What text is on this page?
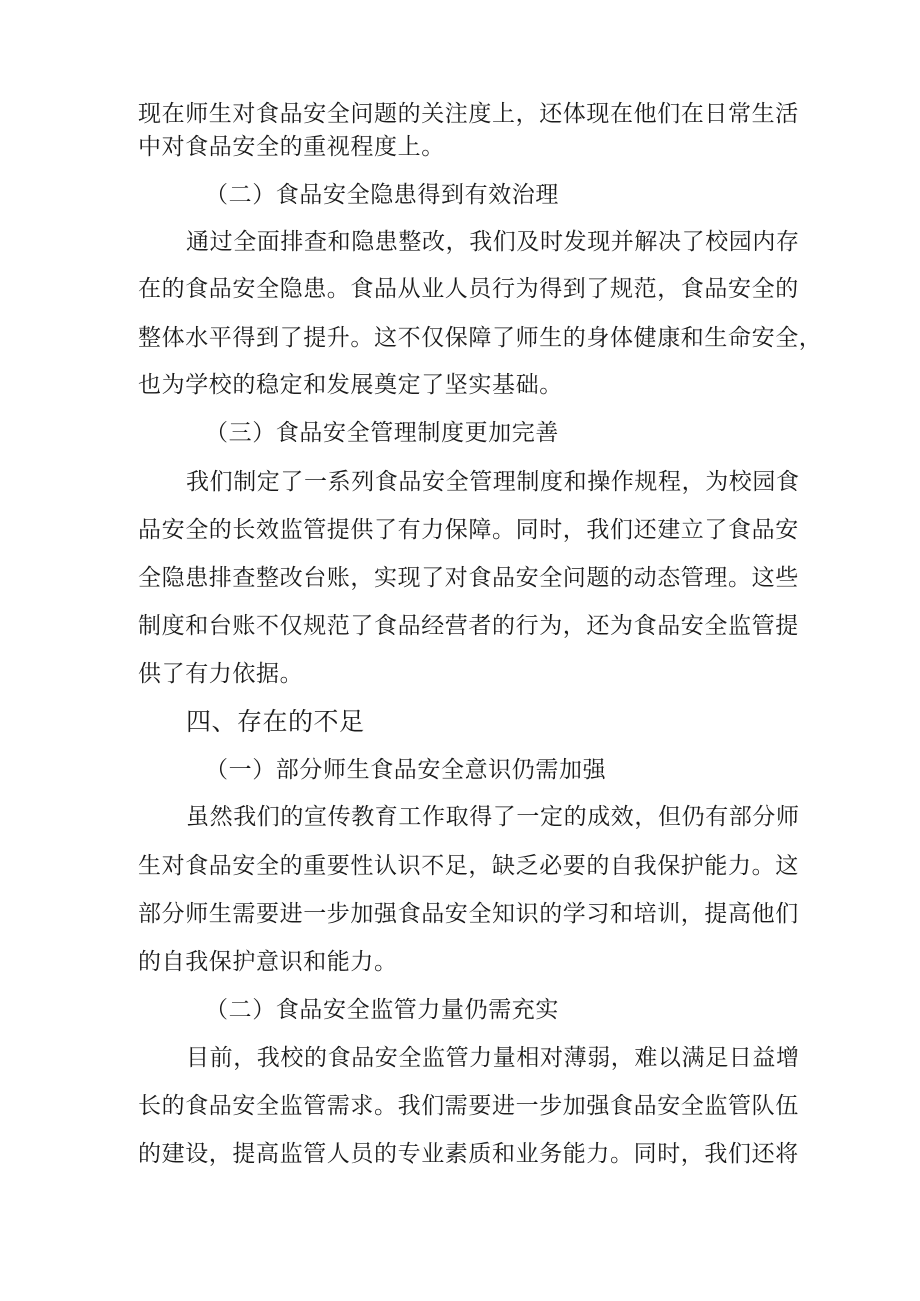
现在师生对食品安全问题的关注度上，还体现在他们在日常生活
中对食品安全的重视程度上。
（二）食品安全隐患得到有效治理
通过全面排查和隐患整改，我们及时发现并解决了校园内存
在的食品安全隐患。食品从业人员行为得到了规范，食品安全的
整体水平得到了提升。这不仅保障了师生的身体健康和生命安全，
也为学校的稳定和发展奠定了坚实基础。
（三）食品安全管理制度更加完善
我们制定了一系列食品安全管理制度和操作规程，为校园食
品安全的长效监管提供了有力保障。同时，我们还建立了食品安
全隐患排查整改台账，实现了对食品安全问题的动态管理。这些
制度和台账不仅规范了食品经营者的行为，还为食品安全监管提
供了有力依据。
四、存在的不足
（一）部分师生食品安全意识仍需加强
虽然我们的宣传教育工作取得了一定的成效，但仍有部分师
生对食品安全的重要性认识不足，缺乏必要的自我保护能力。这
部分师生需要进一步加强食品安全知识的学习和培训，提高他们
的自我保护意识和能力。
（二）食品安全监管力量仍需充实
目前，我校的食品安全监管力量相对薄弱，难以满足日益增
长的食品安全监管需求。我们需要进一步加强食品安全监管队伍
的建设，提高监管人员的专业素质和业务能力。同时，我们还将
